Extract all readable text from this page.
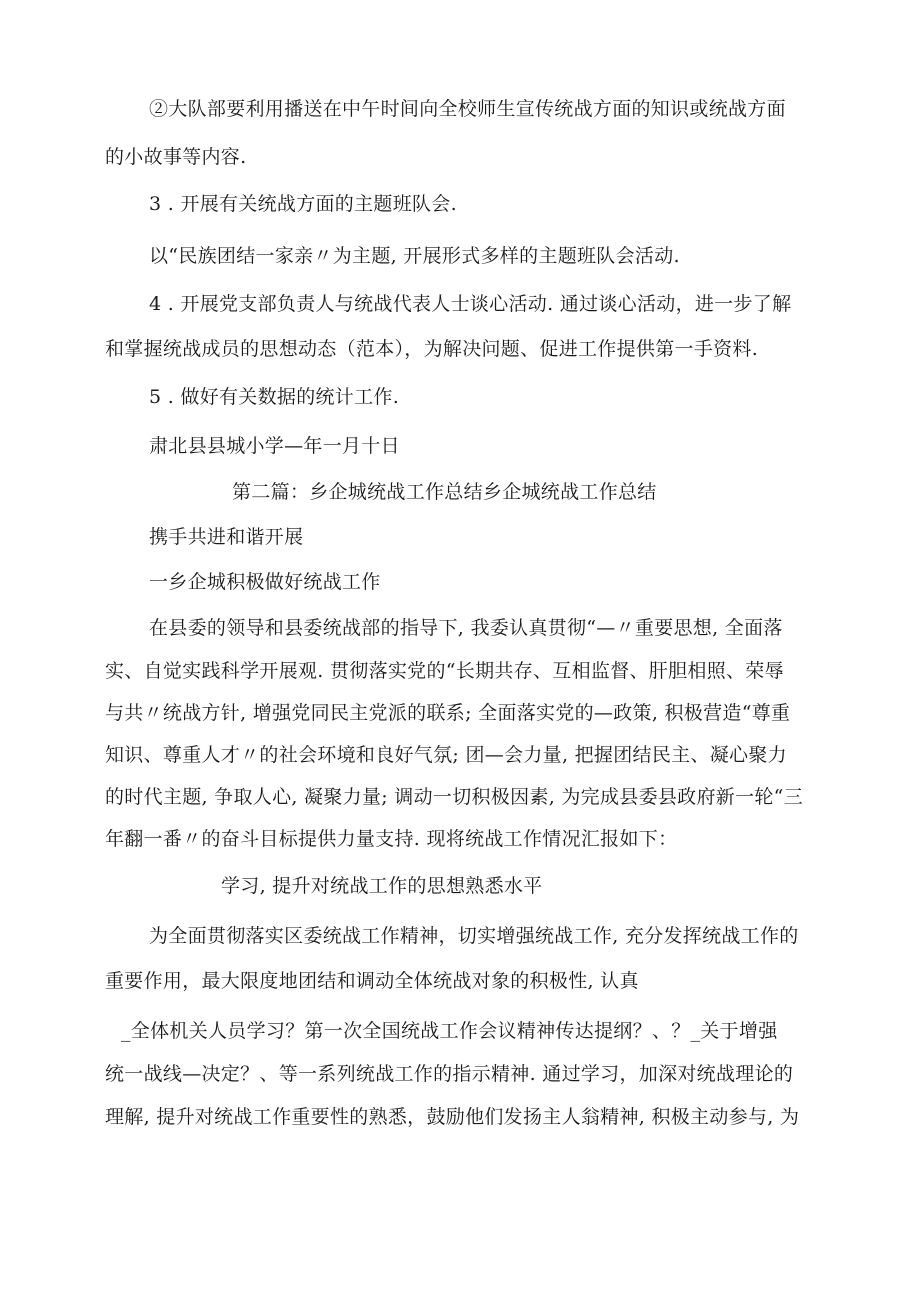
②大队部要利用播送在中午时间向全校师生宣传统战方面的知识或统战方面
的小故事等内容.
3 . 开展有关统战方面的主题班队会.
以“民族团结一家亲〃为主题, 开展形式多样的主题班队会活动.
4 . 开展党支部负责人与统战代表人士谈心活动. 通过谈心活动，进一步了解
和掌握统战成员的思想动态（范本），为解决问题、促进工作提供第一手资料.
5 . 做好有关数据的统计工作.
肃北县县城小学—年一月十日
第二篇：乡企城统战工作总结乡企城统战工作总结
携手共进和谐开展
一乡企城积极做好统战工作
在县委的领导和县委统战部的指导下, 我委认真贯彻“—〃重要思想, 全面落
实、自觉实践科学开展观. 贯彻落实党的“长期共存、互相监督、肝胆相照、荣辱
与共〃统战方针, 增强党同民主党派的联系; 全面落实党的—政策, 积极营造“尊重
知识、尊重人才〃的社会环境和良好气氛; 团—会力量, 把握团结民主、凝心聚力
的时代主题, 争取人心, 凝聚力量; 调动一切积极因素, 为完成县委县政府新一轮“三
年翻一番〃的奋斗目标提供力量支持. 现将统战工作情况汇报如下：
学习, 提升对统战工作的思想熟悉水平
为全面贯彻落实区委统战工作精神，切实增强统战工作, 充分发挥统战工作的
重要作用，最大限度地团结和调动全体统战对象的积极性, 认真
_全体机关人员学习？第一次全国统战工作会议精神传达提纲？、？_关于增强
统一战线—决定？、等一系列统战工作的指示精神. 通过学习，加深对统战理论的
理解, 提升对统战工作重要性的熟悉，鼓励他们发扬主人翁精神, 积极主动参与, 为
